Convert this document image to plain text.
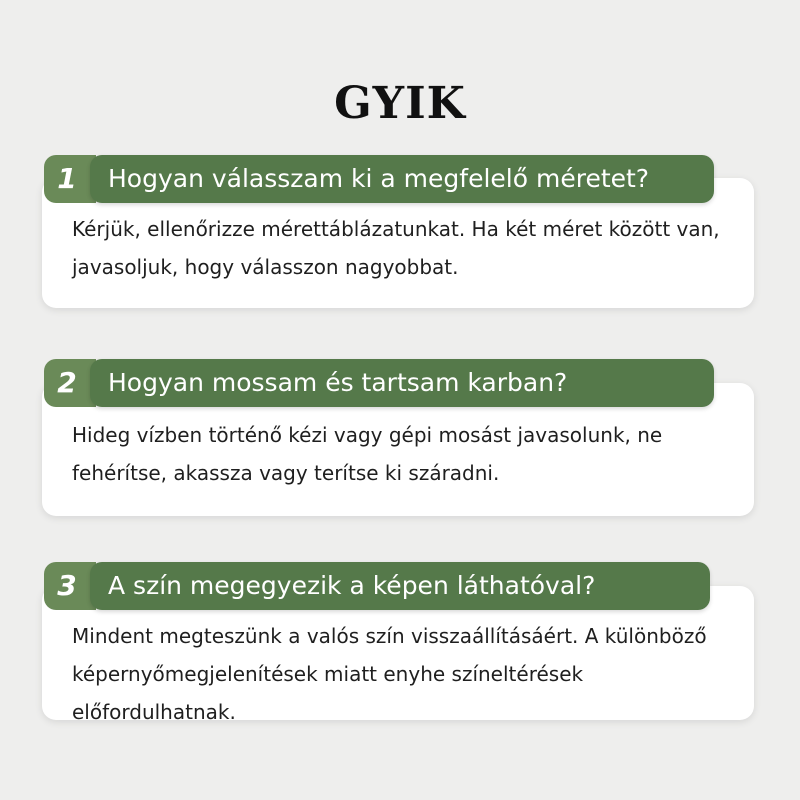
GYIK
1	Hogyan válasszam ki a megfelelő méretet?
Kérjük, ellenőrizze mérettáblázatunkat. Ha két méret között van, javasoljuk, hogy válasszon nagyobbat.
2	Hogyan mossam és tartsam karban?
Hideg vízben történő kézi vagy gépi mosást javasolunk, ne fehérítse, akassza vagy terítse ki száradni.
3	A szín megegyezik a képen láthatóval?
Mindent megteszünk a valós szín visszaállításáért. A különböző képernyőmegjelenítések miatt enyhe színeltérések előfordulhatnak.
